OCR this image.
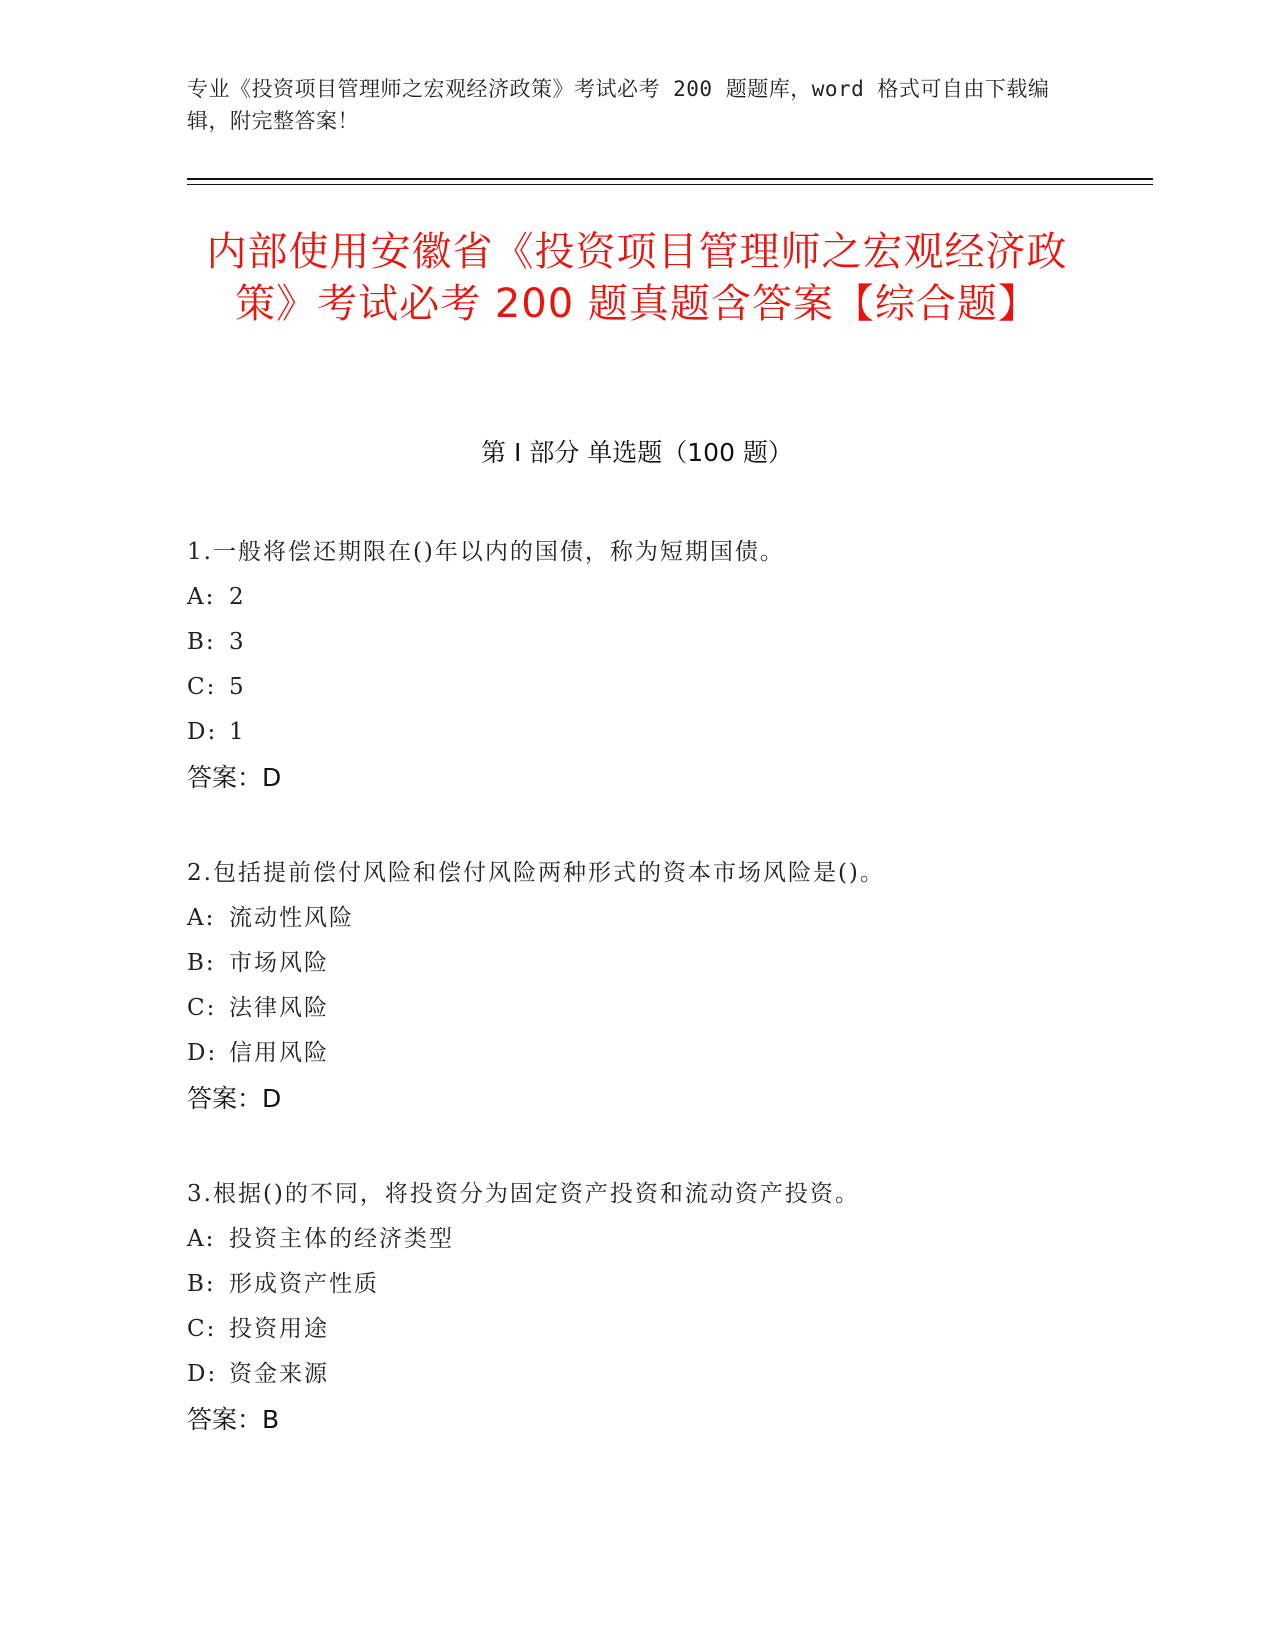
专业《投资项目管理师之宏观经济政策》考试必考 200 题题库，word 格式可自由下载编辑，附完整答案！
内部使用安徽省《投资项目管理师之宏观经济政策》考试必考 200 题真题含答案【综合题】
第 I 部分 单选题（100 题）
1.一般将偿还期限在()年以内的国债，称为短期国债。
A: 2
B: 3
C: 5
D: 1
答案：D
2.包括提前偿付风险和偿付风险两种形式的资本市场风险是()。
A: 流动性风险
B: 市场风险
C: 法律风险
D: 信用风险
答案：D
3.根据()的不同，将投资分为固定资产投资和流动资产投资。
A: 投资主体的经济类型
B: 形成资产性质
C: 投资用途
D: 资金来源
答案：B
